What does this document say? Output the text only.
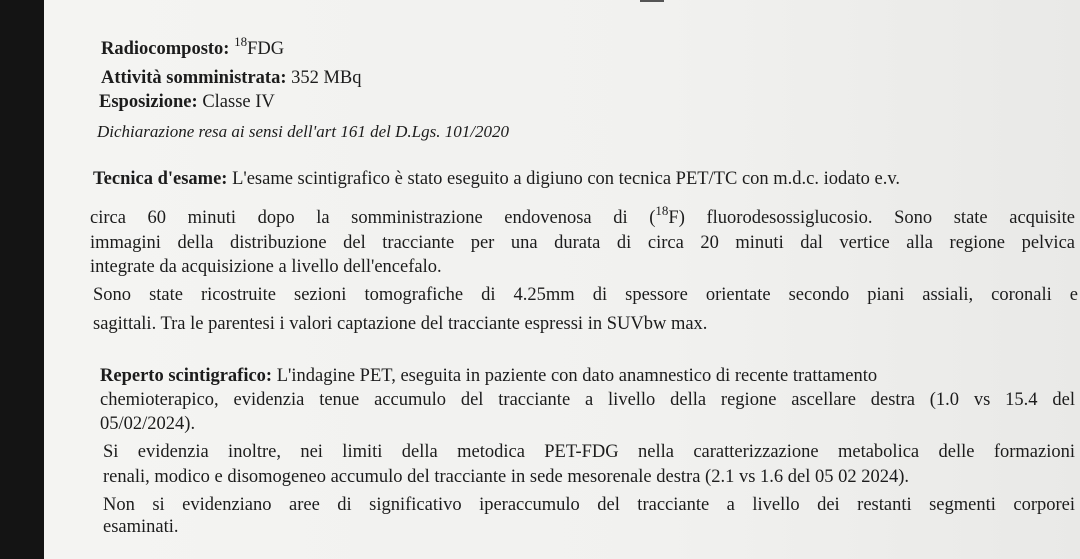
Radiocomposto: $^{18}$FDG
Attività somministrata: 352 MBq
Esposizione: Classe IV
Dichiarazione resa ai sensi dell'art 161 del D.Lgs. 101/2020
Tecnica d'esame: L'esame scintigrafico è stato eseguito a digiuno con tecnica PET/TC con m.d.c. iodato e.v.
circa 60 minuti dopo la somministrazione endovenosa di ($^{18}$F) fluorodesossiglucosio. Sono state acquisite
immagini della distribuzione del tracciante per una durata di circa 20 minuti dal vertice alla regione pelvica
integrate da acquisizione a livello dell'encefalo.
Sono state ricostruite sezioni tomografiche di 4.25mm di spessore orientate secondo piani assiali, coronali e
sagittali. Tra le parentesi i valori captazione del tracciante espressi in SUVbw max.
Reperto scintigrafico: L'indagine PET, eseguita in paziente con dato anamnestico di recente trattamento
chemioterapico, evidenzia tenue accumulo del tracciante a livello della regione ascellare destra (1.0 vs 15.4 del
05/02/2024).
Si evidenzia inoltre, nei limiti della metodica PET-FDG nella caratterizzazione metabolica delle formazioni
renali, modico e disomogeneo accumulo del tracciante in sede mesorenale destra (2.1 vs 1.6 del 05 02 2024).
Non si evidenziano aree di significativo iperaccumulo del tracciante a livello dei restanti segmenti corporei
esaminati.
